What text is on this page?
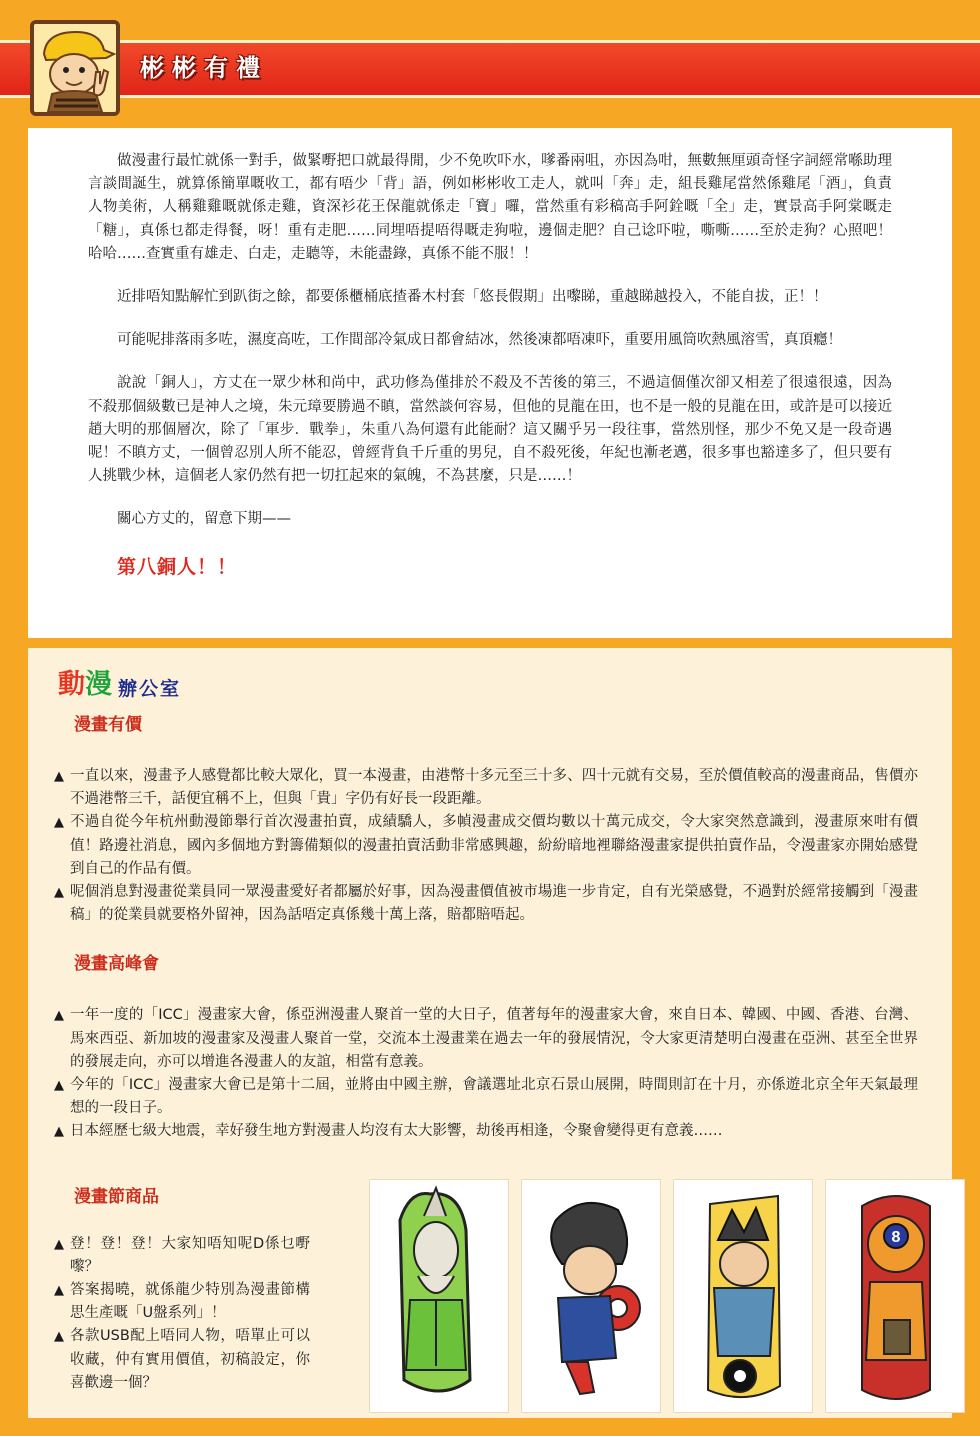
彬彬有禮

做漫畫行最忙就係一對手，做緊嘢把口就最得閒，少不免吹吓水，嗲番兩咀，亦因為咁，無數無厘頭奇怪字詞經常喺助理言談間誕生，就算係簡單嘅收工，都有唔少「背」語，例如彬彬收工走人，就叫「奔」走，組長雞尾當然係雞尾「酒」，負責人物美術，人稱雞雞嘅就係走雞，資深衫花王保龍就係走「寶」囉，當然重有彩稿高手阿銓嘅「全」走，實景高手阿棠嘅走「糖」，真係乜都走得餐，呀！重有走肥……同埋唔提唔得嘅走狗啦，邊個走肥？自己谂吓啦，嘶嘶……至於走狗？心照吧！哈哈……查實重有雄走、白走，走聽等，未能盡錄，真係不能不服！！

近排唔知點解忙到趴街之餘，都要係櫃桶底揸番木村套「悠長假期」出嚟睇，重越睇越投入，不能自拔，正！！

可能呢排落雨多咗，濕度高咗，工作間部冷氣成日都會結冰，然後凍都唔凍吓，重要用風筒吹熱風溶雪，真頂癮！

說說「銅人」，方丈在一眾少林和尚中，武功修為僅排於不殺及不苦後的第三，不過這個僅次卻又相差了很遠很遠，因為不殺那個級數已是神人之境，朱元璋要勝過不瞋，當然談何容易，但他的見龍在田，也不是一般的見龍在田，或許是可以接近趙大明的那個層次，除了「軍步．戰拳」，朱重八為何還有此能耐？這又關乎另一段往事，當然別怪，那少不免又是一段奇遇呢！不瞋方丈，一個曾忍別人所不能忍，曾經背負千斤重的男兒，自不殺死後，年紀也漸老邁，很多事也豁達多了，但只要有人挑戰少林，這個老人家仍然有把一切扛起來的氣魄，不為甚麼，只是……！

關心方丈的，留意下期——

第八銅人！！
動漫 辦公室
漫畫有價
▲ 一直以來，漫畫予人感覺都比較大眾化，買一本漫畫，由港幣十多元至三十多、四十元就有交易，至於價值較高的漫畫商品，售價亦不過港幣三千，話便宜稱不上，但與「貴」字仍有好長一段距離。
▲ 不過自從今年杭州動漫節舉行首次漫畫拍賣，成績驕人，多幀漫畫成交價均數以十萬元成交，令大家突然意識到，漫畫原來咁有價值！路邊社消息，國內多個地方對籌備類似的漫畫拍賣活動非常感興趣，紛紛暗地裡聯絡漫畫家提供拍賣作品，令漫畫家亦開始感覺到自己的作品有價。
▲ 呢個消息對漫畫從業員同一眾漫畫愛好者都屬於好事，因為漫畫價值被市場進一步肯定，自有光榮感覺，不過對於經常接觸到「漫畫稿」的從業員就要格外留神，因為話唔定真係幾十萬上落，賠都賠唔起。
漫畫高峰會
▲ 一年一度的「ICC」漫畫家大會，係亞洲漫畫人聚首一堂的大日子，值著每年的漫畫家大會，來自日本、韓國、中國、香港、台灣、馬來西亞、新加坡的漫畫家及漫畫人聚首一堂，交流本土漫畫業在過去一年的發展情況，令大家更清楚明白漫畫在亞洲、甚至全世界的發展走向，亦可以增進各漫畫人的友誼，相當有意義。
▲ 今年的「ICC」漫畫家大會已是第十二屆，並將由中國主辦，會議選址北京石景山展開，時間則訂在十月，亦係遊北京全年天氣最理想的一段日子。
▲ 日本經歷七級大地震，幸好發生地方對漫畫人均沒有太大影響，劫後再相逢，令聚會變得更有意義……
漫畫節商品
▲ 登！登！登！大家知唔知呢D係乜嘢嚟？
▲ 答案揭曉，就係龍少特別為漫畫節構思生產嘅「U盤系列」！
▲ 各款USB配上唔同人物，唔單止可以收藏，仲有實用價值，初稿設定，你喜歡邊一個？
8
